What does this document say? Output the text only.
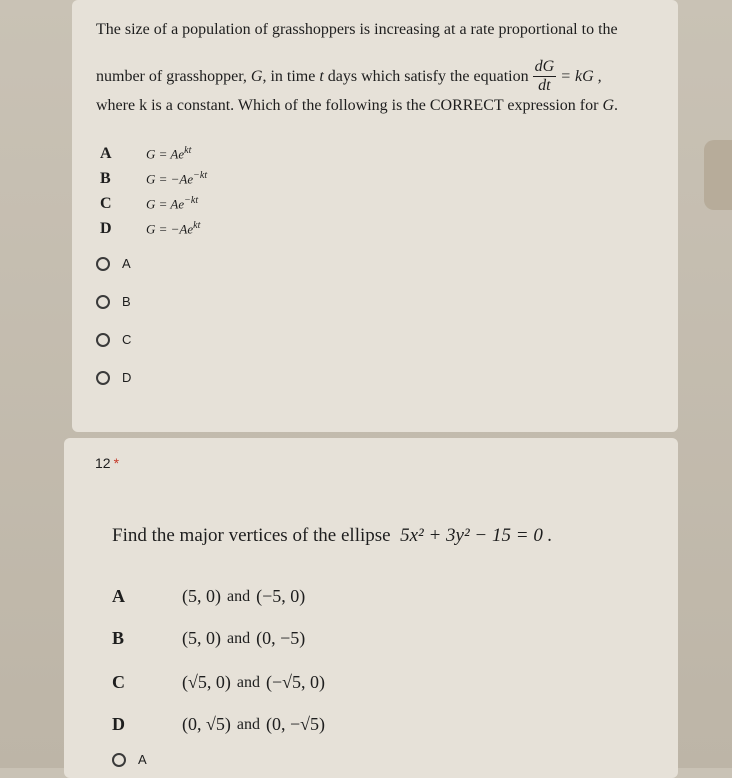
The size of a population of grasshoppers is increasing at a rate proportional to the
number of grasshopper,
G , in time
t
days which satisfy the equation $\frac{dG}{dt}$ = kG ,
where k is a constant. Which of the following is the CORRECT expression for G.
A	$G = Ae^{kt}$
B	$G = -Ae^{-kt}$
C	$G = Ae^{-kt}$
D	$G = -Ae^{kt}$
A
B
C
D
12 *
Find the major vertices of the ellipse 5x² + 3y² − 15 = 0 .
A	(5, 0) and (−5, 0)
B	(5, 0) and (0, −5)
C	(√5, 0) and (−√5, 0)
D	(0, √5) and (0, −√5)
A
